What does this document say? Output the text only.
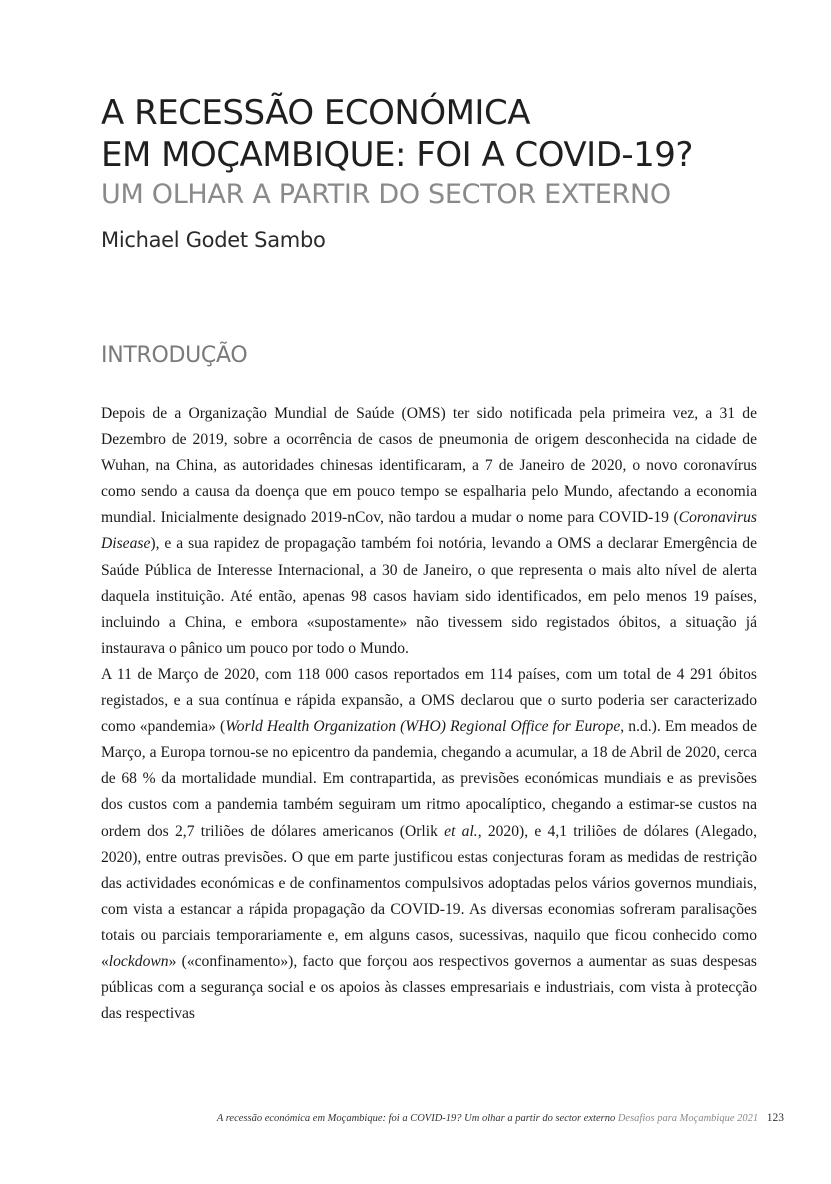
A RECESSÃO ECONÓMICA
EM MOÇAMBIQUE: FOI A COVID-19?
UM OLHAR A PARTIR DO SECTOR EXTERNO
Michael Godet Sambo
INTRODUÇÃO

Depois de a Organização Mundial de Saúde (OMS) ter sido notificada pela primeira vez, a 31 de Dezembro de 2019, sobre a ocorrência de casos de pneumonia de origem desconhecida na cidade de Wuhan, na China, as autoridades chinesas identificaram, a 7 de Janeiro de 2020, o novo coronavírus como sendo a causa da doença que em pouco tempo se espalharia pelo Mundo, afectando a economia mundial. Inicialmente designado 2019-nCov, não tardou a mudar o nome para COVID-19 (Coronavirus Disease), e a sua rapidez de propagação também foi notória, levando a OMS a declarar Emergência de Saúde Pública de Interesse Internacional, a 30 de Janeiro, o que representa o mais alto nível de alerta daquela instituição. Até então, apenas 98 casos haviam sido identificados, em pelo menos 19 países, incluindo a China, e embora «supostamente» não tivessem sido registados óbitos, a situação já instaurava o pânico um pouco por todo o Mundo.

A 11 de Março de 2020, com 118 000 casos reportados em 114 países, com um total de 4 291 óbitos registados, e a sua contínua e rápida expansão, a OMS declarou que o surto poderia ser caracterizado como «pandemia» (World Health Organization (WHO) Regional Office for Europe, n.d.). Em meados de Março, a Europa tornou-se no epicentro da pandemia, chegando a acumular, a 18 de Abril de 2020, cerca de 68 % da mortalidade mundial. Em contrapartida, as previsões económicas mundiais e as previsões dos custos com a pandemia também seguiram um ritmo apocalíptico, chegando a estimar-se custos na ordem dos 2,7 triliões de dólares americanos (Orlik et al., 2020), e 4,1 triliões de dólares (Alegado, 2020), entre outras previsões. O que em parte justificou estas conjecturas foram as medidas de restrição das actividades económicas e de confinamentos compulsivos adoptadas pelos vários governos mundiais, com vista a estancar a rápida propagação da COVID-19. As diversas economias sofreram paralisações totais ou parciais temporariamente e, em alguns casos, sucessivas, naquilo que ficou conhecido como «lockdown» («confinamento»), facto que forçou aos respectivos governos a aumentar as suas despesas públicas com a segurança social e os apoios às classes empresariais e industriais, com vista à protecção das respectivas

A recessão económica em Moçambique: foi a COVID-19? Um olhar a partir do sector externo Desafios para Moçambique 2021 123
